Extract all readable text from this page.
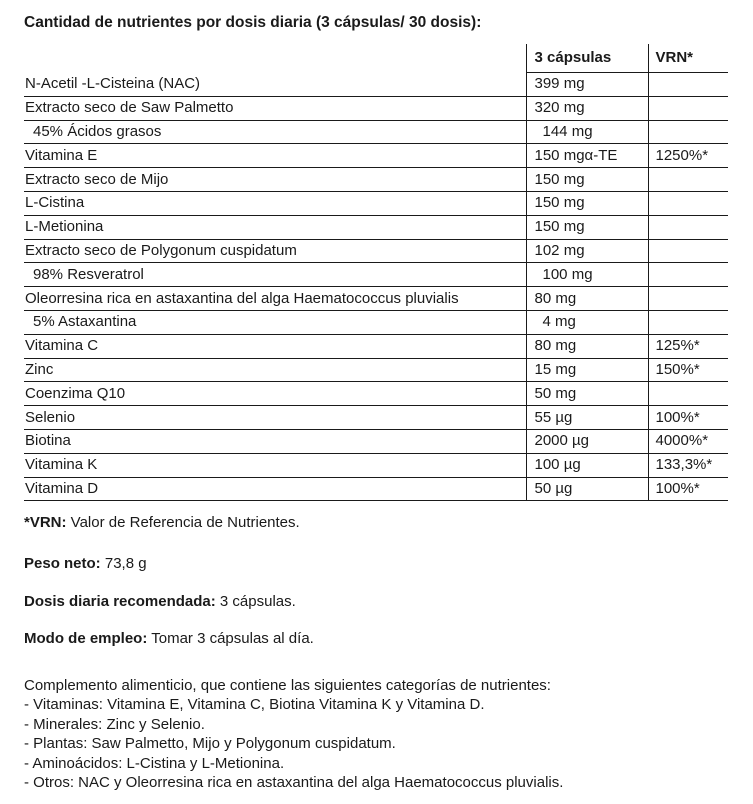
Cantidad de nutrientes por dosis diaria (3 cápsulas/ 30 dosis):
	3 cápsulas	VRN*
N-Acetil -L-Cisteina (NAC)	399 mg	
Extracto seco de Saw Palmetto	320 mg	
45% Ácidos grasos	144 mg	
Vitamina E	150 mgα-TE	1250%*
Extracto seco de Mijo	150 mg	
L-Cistina	150 mg	
L-Metionina	150 mg	
Extracto seco de Polygonum cuspidatum	102 mg	
98% Resveratrol	100 mg	
Oleorresina rica en astaxantina del alga Haematococcus pluvialis	80 mg	
5% Astaxantina	4 mg	
Vitamina C	80 mg	125%*
Zinc	15 mg	150%*
Coenzima Q10	50 mg	
Selenio	55 µg	100%*
Biotina	2000 µg	4000%*
Vitamina K	100 µg	133,3%*
Vitamina D	50 µg	100%*
*VRN: Valor de Referencia de Nutrientes.
Peso neto: 73,8 g
Dosis diaria recomendada: 3 cápsulas.
Modo de empleo: Tomar 3 cápsulas al día.
Complemento alimenticio, que contiene las siguientes categorías de nutrientes:
- Vitaminas: Vitamina E, Vitamina C, Biotina Vitamina K y Vitamina D.
- Minerales: Zinc y Selenio.
- Plantas: Saw Palmetto, Mijo y Polygonum cuspidatum.
- Aminoácidos: L-Cistina y L-Metionina.
- Otros: NAC y Oleorresina rica en astaxantina del alga Haematococcus pluvialis.
